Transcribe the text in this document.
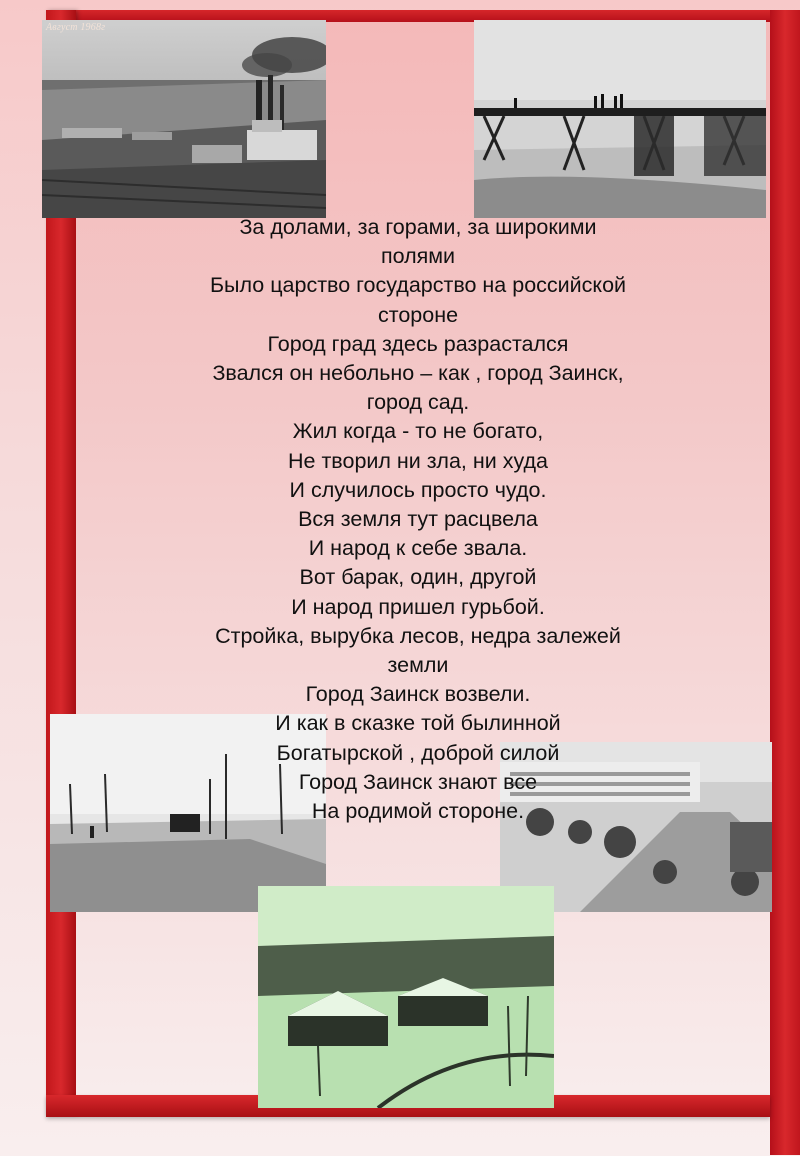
Август 1968г
За долами, за горами, за широкими
полями
Было царство государство на российской
стороне
Город град здесь разрастался
Звался он небольно – как , город Заинск,
город сад.
Жил когда - то не богато,
Не творил ни зла, ни худа
И случилось просто чудо.
Вся земля тут расцвела
И народ к себе звала.
Вот барак, один, другой
И народ пришел гурьбой.
Стройка, вырубка лесов, недра залежей
земли
Город Заинск возвели.
И как в сказке той былинной
Богатырской , доброй силой
Город Заинск знают все
На родимой стороне.
